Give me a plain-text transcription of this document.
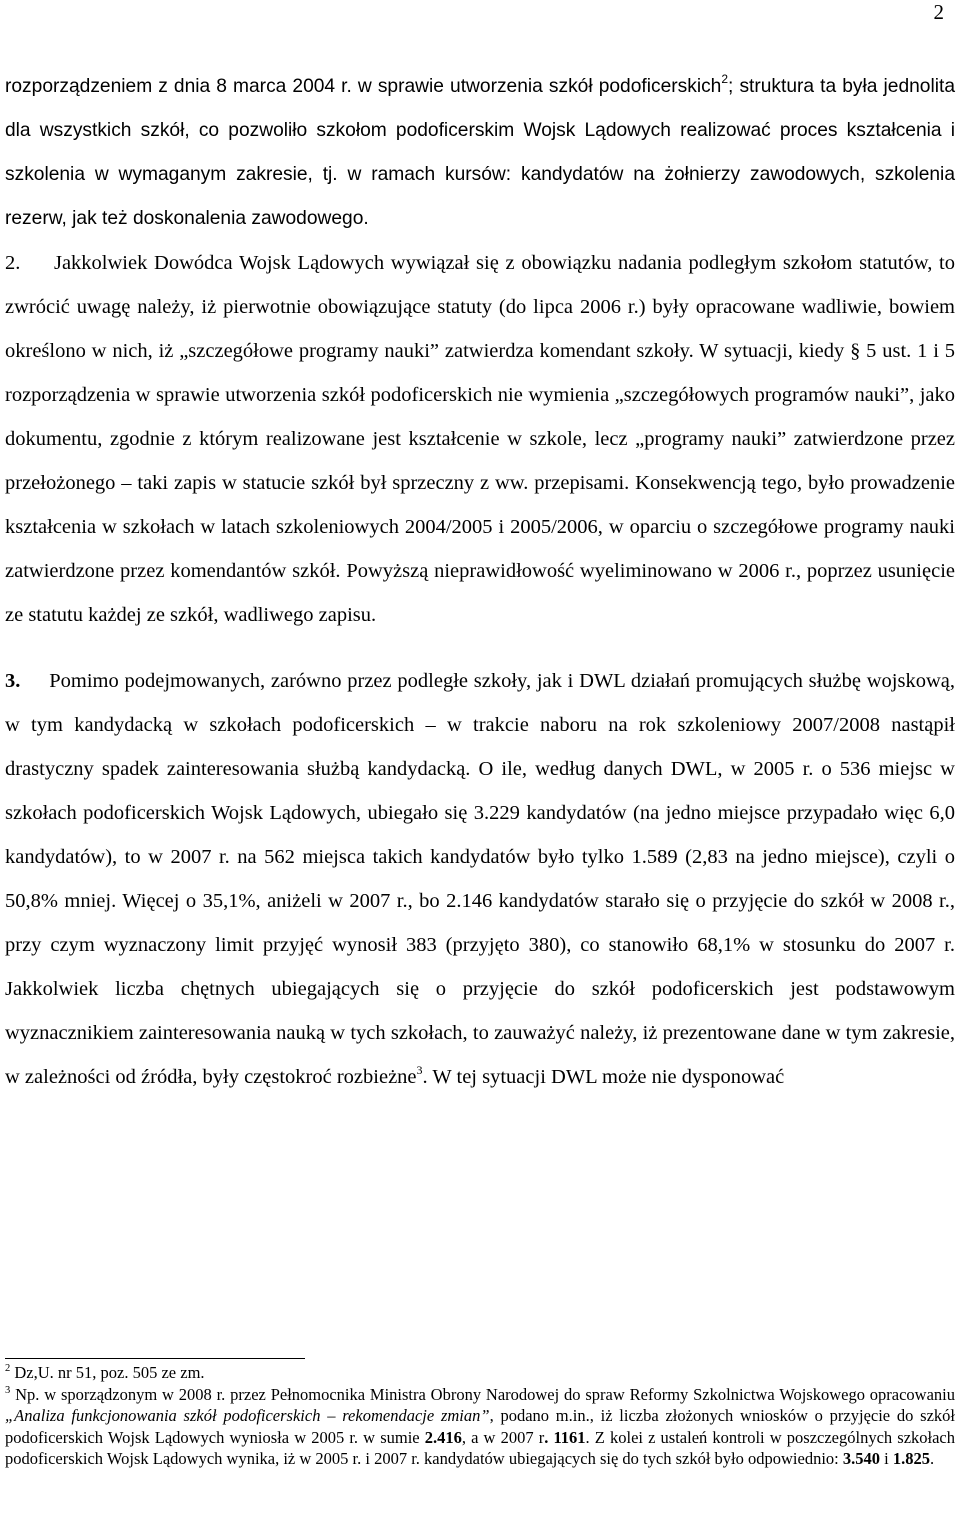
2

rozporządzeniem z dnia 8 marca 2004 r. w sprawie utworzenia szkół podoficerskich$^2$; struktura ta była jednolita dla wszystkich szkół, co pozwoliło szkołom podoficerskim Wojsk Lądowych realizować proces kształcenia i szkolenia w wymaganym zakresie, tj. w ramach kursów: kandydatów na żołnierzy zawodowych, szkolenia rezerw, jak też doskonalenia zawodowego.

2. Jakkolwiek Dowódca Wojsk Lądowych wywiązał się z obowiązku nadania podległym szkołom statutów, to zwrócić uwagę należy, iż pierwotnie obowiązujące statuty (do lipca 2006 r.) były opracowane wadliwie, bowiem określono w nich, iż „szczegółowe programy nauki” zatwierdza komendant szkoły. W sytuacji, kiedy § 5 ust. 1 i 5 rozporządzenia w sprawie utworzenia szkół podoficerskich nie wymienia „szczegółowych programów nauki”, jako dokumentu, zgodnie z którym realizowane jest kształcenie w szkole, lecz „programy nauki” zatwierdzone przez przełożonego – taki zapis w statucie szkół był sprzeczny z ww. przepisami. Konsekwencją tego, było prowadzenie kształcenia w szkołach w latach szkoleniowych 2004/2005 i 2005/2006, w oparciu o szczegółowe programy nauki zatwierdzone przez komendantów szkół. Powyższą nieprawidłowość wyeliminowano w 2006 r., poprzez usunięcie ze statutu każdej ze szkół, wadliwego zapisu.

3. Pomimo podejmowanych, zarówno przez podległe szkoły, jak i DWL działań promujących służbę wojskową, w tym kandydacką w szkołach podoficerskich – w trakcie naboru na rok szkoleniowy 2007/2008 nastąpił drastyczny spadek zainteresowania służbą kandydacką. O ile, według danych DWL, w 2005 r. o 536 miejsc w szkołach podoficerskich Wojsk Lądowych, ubiegało się 3.229 kandydatów (na jedno miejsce przypadało więc 6,0 kandydatów), to w 2007 r. na 562 miejsca takich kandydatów było tylko 1.589 (2,83 na jedno miejsce), czyli o 50,8% mniej. Więcej o 35,1%, aniżeli w 2007 r., bo 2.146 kandydatów starało się o przyjęcie do szkół w 2008 r., przy czym wyznaczony limit przyjęć wynosił 383 (przyjęto 380), co stanowiło 68,1% w stosunku do 2007 r. Jakkolwiek liczba chętnych ubiegających się o przyjęcie do szkół podoficerskich jest podstawowym wyznacznikiem zainteresowania nauką w tych szkołach, to zauważyć należy, iż prezentowane dane w tym zakresie, w zależności od źródła, były częstokroć rozbieżne$^3$. W tej sytuacji DWL może nie dysponować

$^2$ Dz,U. nr 51, poz. 505 ze zm.

$^3$ Np. w sporządzonym w 2008 r. przez Pełnomocnika Ministra Obrony Narodowej do spraw Reformy Szkolnictwa Wojskowego opracowaniu „Analiza funkcjonowania szkół podoficerskich – rekomendacje zmian”, podano m.in., iż liczba złożonych wniosków o przyjęcie do szkół podoficerskich Wojsk Lądowych wyniosła w 2005 r. w sumie 2.416, a w 2007 r. 1161. Z kolei z ustaleń kontroli w poszczególnych szkołach podoficerskich Wojsk Lądowych wynika, iż w 2005 r. i 2007 r. kandydatów ubiegających się do tych szkół było odpowiednio: 3.540 i 1.825.
